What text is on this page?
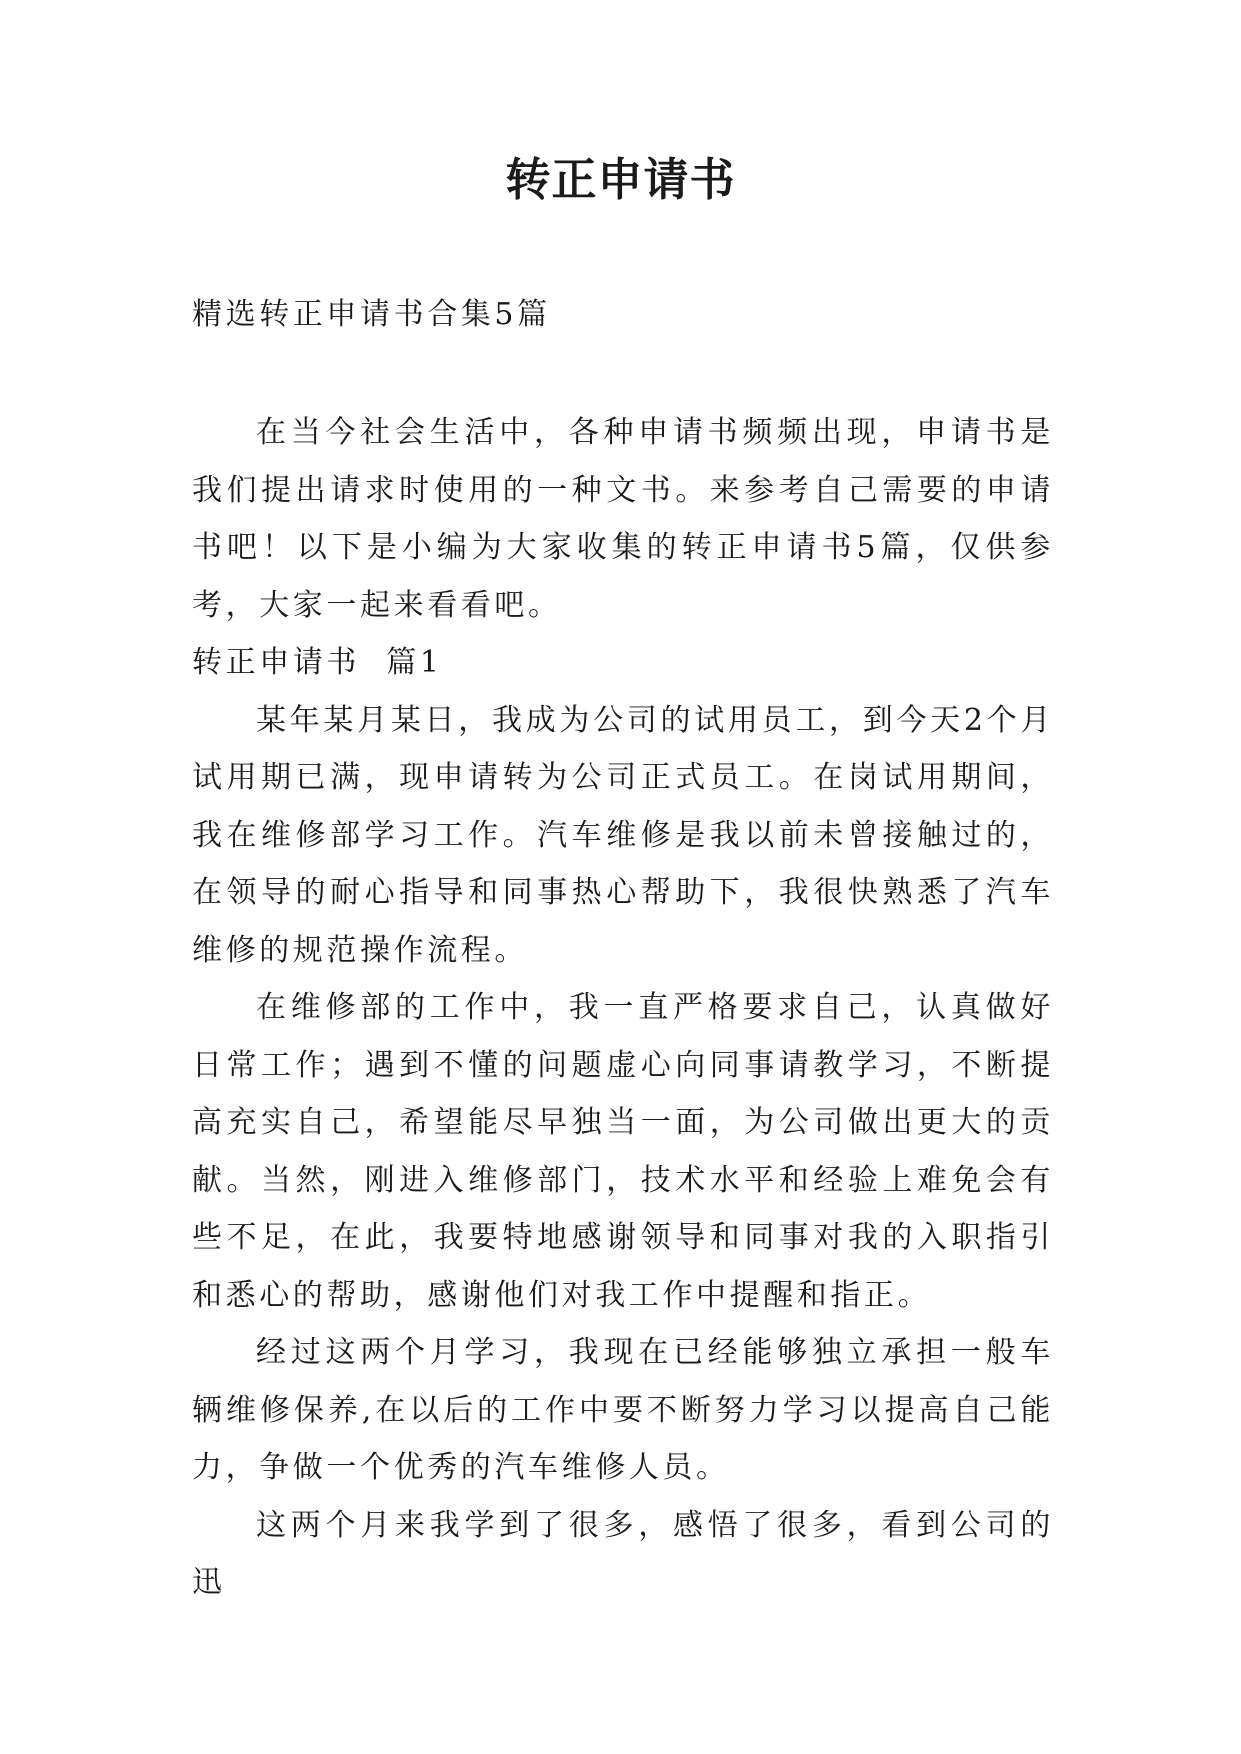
转正申请书

精选转正申请书合集5篇

在当今社会生活中，各种申请书频频出现，申请书是我们提出请求时使用的一种文书。来参考自己需要的申请书吧！以下是小编为大家收集的转正申请书5篇，仅供参考，大家一起来看看吧。

转正申请书  篇1

某年某月某日，我成为公司的试用员工，到今天2个月试用期已满，现申请转为公司正式员工。在岗试用期间，我在维修部学习工作。汽车维修是我以前未曾接触过的，在领导的耐心指导和同事热心帮助下，我很快熟悉了汽车维修的规范操作流程。

在维修部的工作中，我一直严格要求自己，认真做好日常工作；遇到不懂的问题虚心向同事请教学习，不断提高充实自己，希望能尽早独当一面，为公司做出更大的贡献。当然，刚进入维修部门，技术水平和经验上难免会有些不足，在此，我要特地感谢领导和同事对我的入职指引和悉心的帮助，感谢他们对我工作中提醒和指正。

经过这两个月学习，我现在已经能够独立承担一般车辆维修保养,在以后的工作中要不断努力学习以提高自己能力，争做一个优秀的汽车维修人员。

这两个月来我学到了很多，感悟了很多，看到公司的迅
